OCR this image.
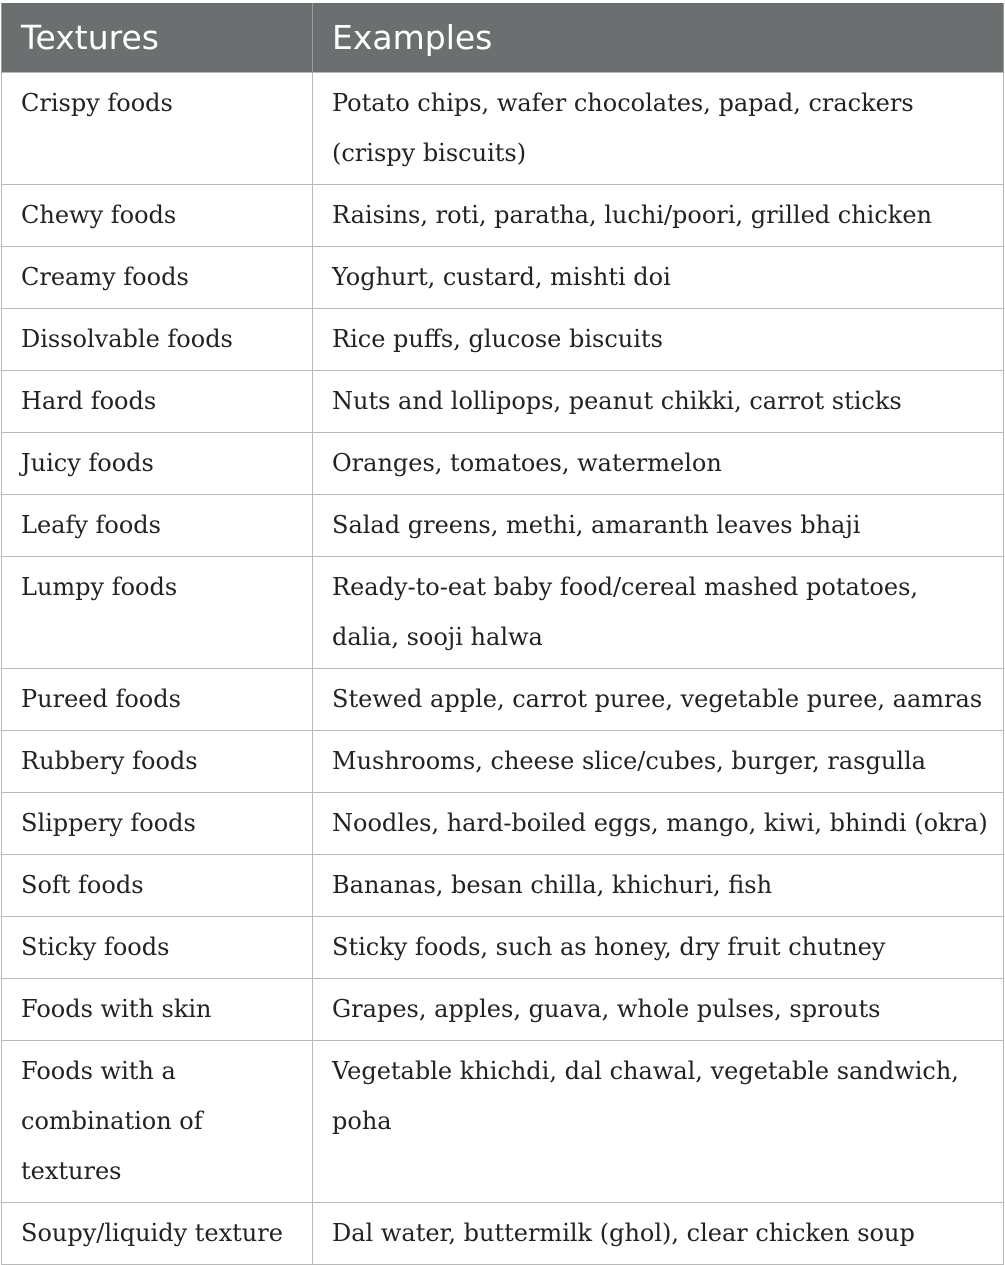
Textures	Examples
Crispy foods	Potato chips, wafer chocolates, papad, crackers (crispy biscuits)
Chewy foods	Raisins, roti, paratha, luchi/poori, grilled chicken
Creamy foods	Yoghurt, custard, mishti doi
Dissolvable foods	Rice puffs, glucose biscuits
Hard foods	Nuts and lollipops, peanut chikki, carrot sticks
Juicy foods	Oranges, tomatoes, watermelon
Leafy foods	Salad greens, methi, amaranth leaves bhaji
Lumpy foods	Ready-to-eat baby food/cereal mashed potatoes, dalia, sooji halwa
Pureed foods	Stewed apple, carrot puree, vegetable puree, aamras
Rubbery foods	Mushrooms, cheese slice/cubes, burger, rasgulla
Slippery foods	Noodles, hard-boiled eggs, mango, kiwi, bhindi (okra)
Soft foods	Bananas, besan chilla, khichuri, fish
Sticky foods	Sticky foods, such as honey, dry fruit chutney
Foods with skin	Grapes, apples, guava, whole pulses, sprouts
Foods with a combination of textures	Vegetable khichdi, dal chawal, vegetable sandwich, poha
Soupy/liquidy texture	Dal water, buttermilk (ghol), clear chicken soup
